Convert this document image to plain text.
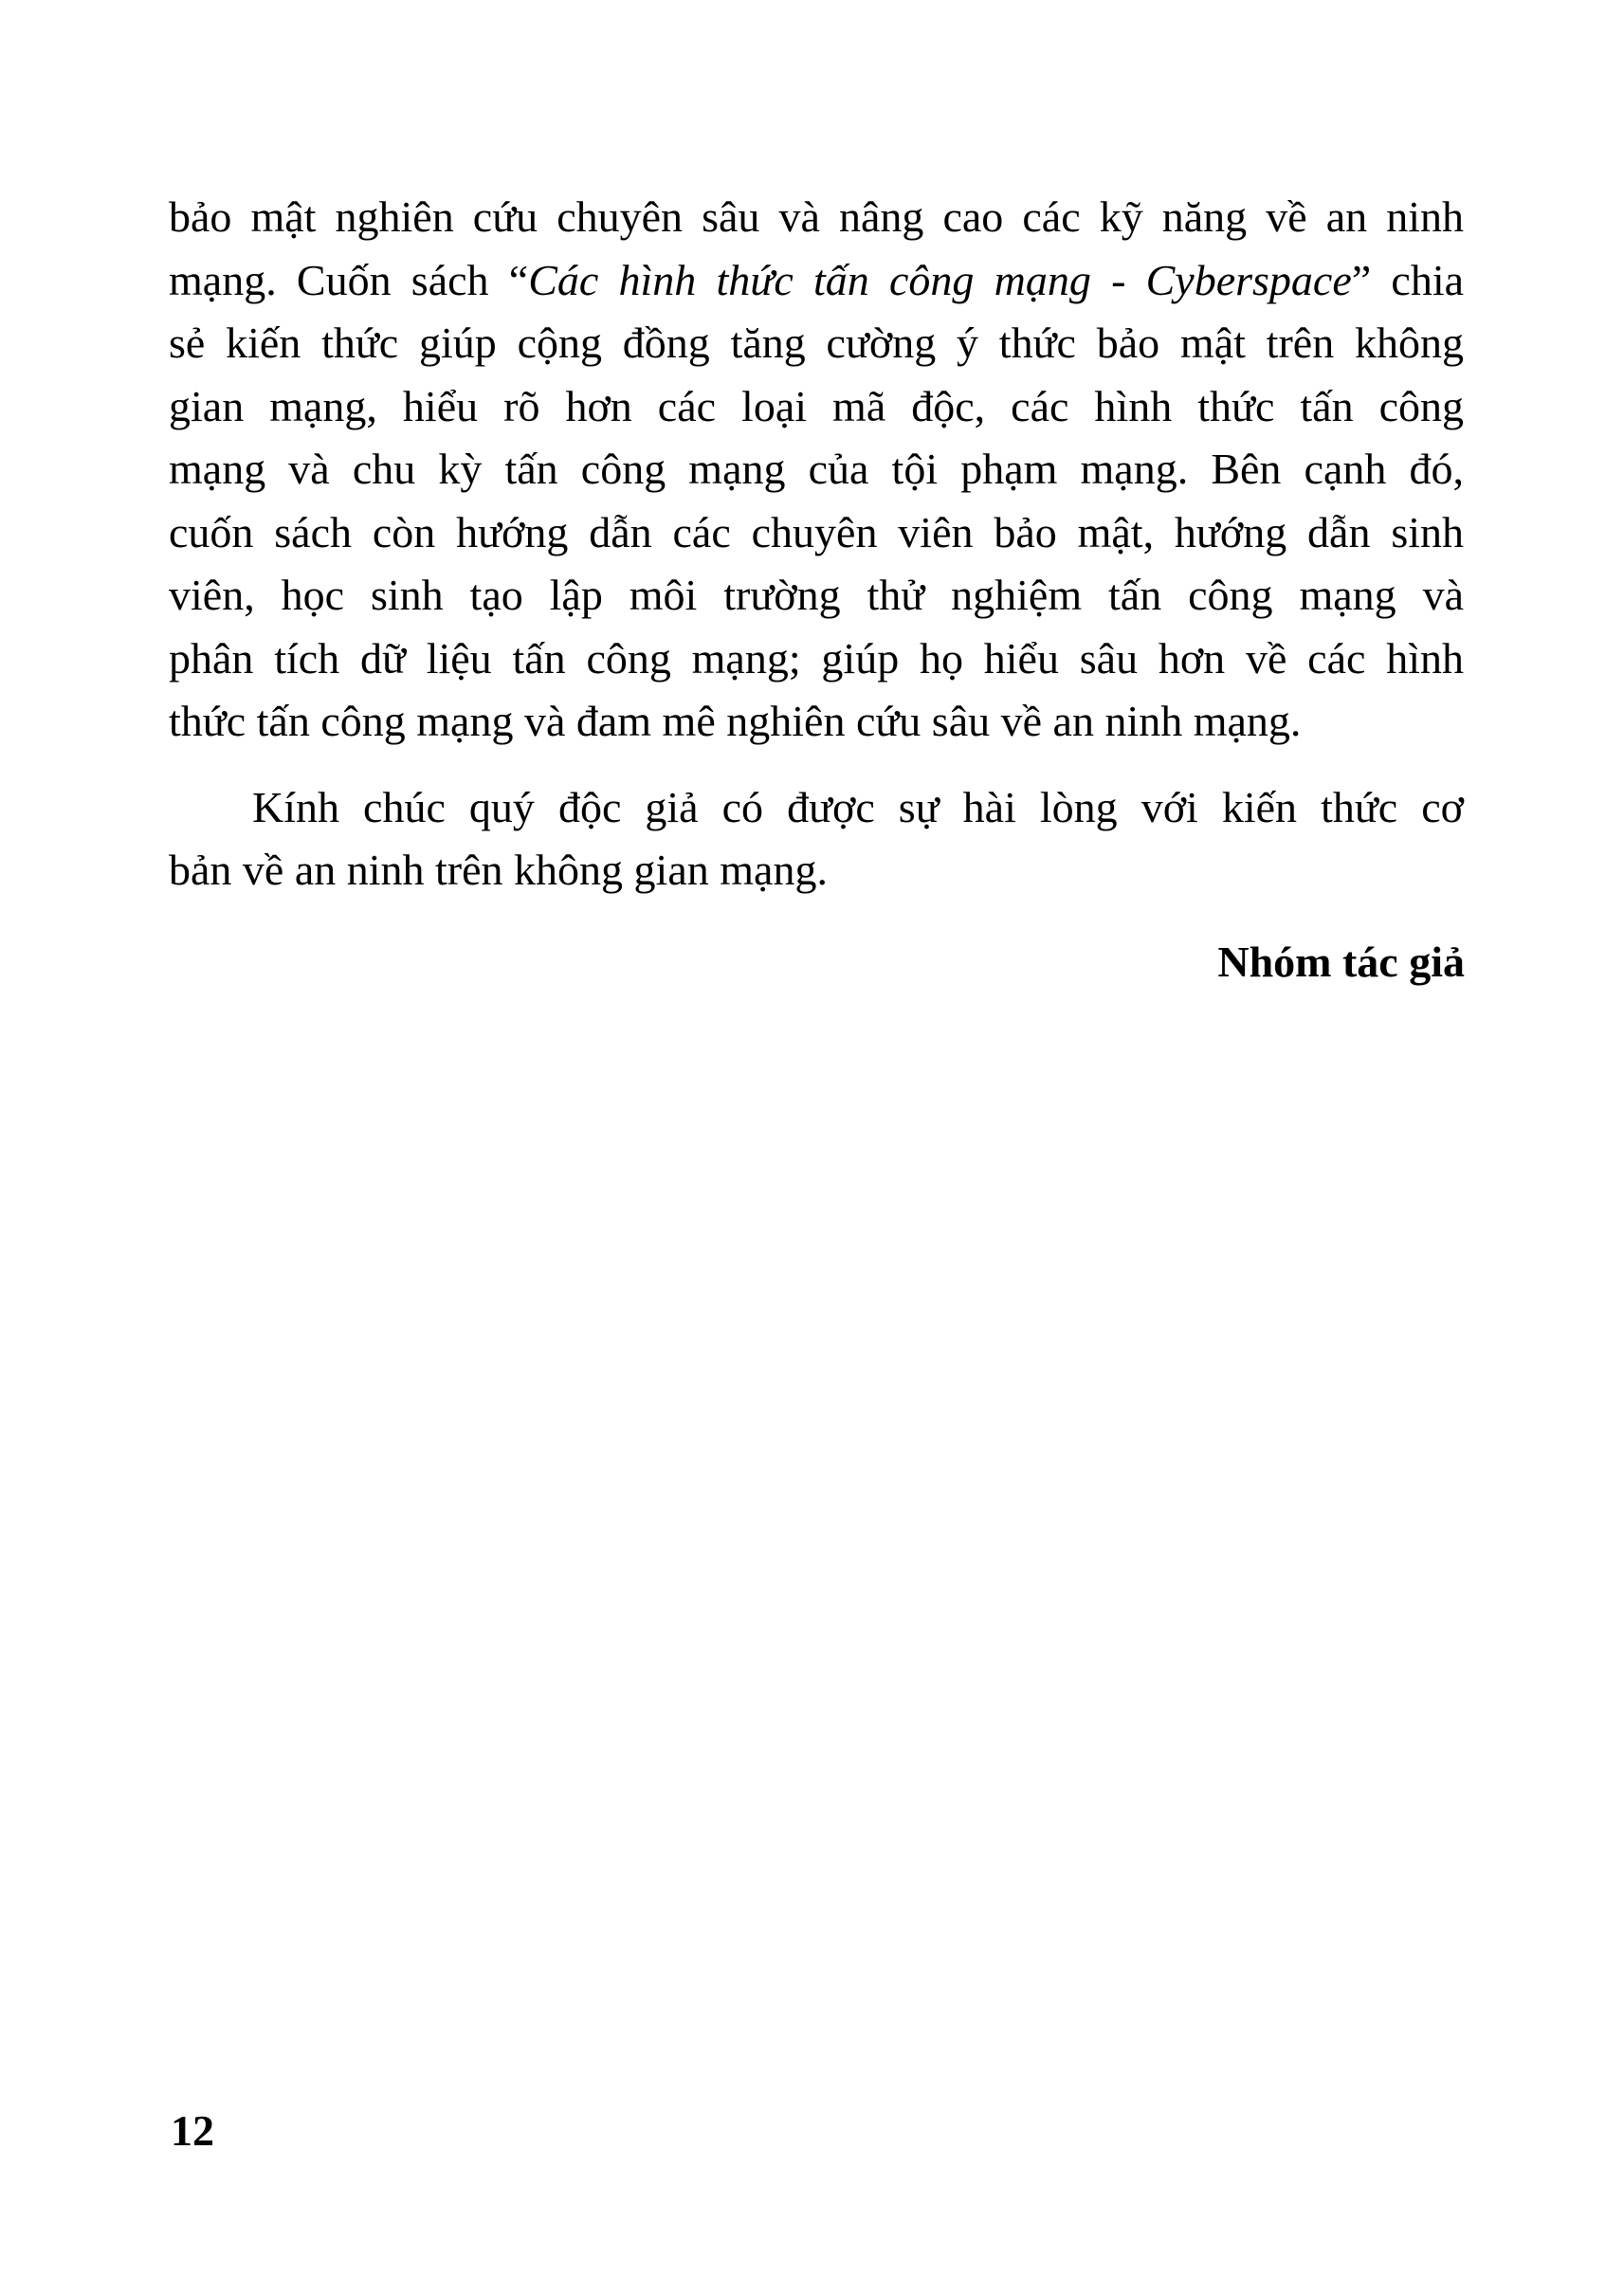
bảo mật nghiên cứu chuyên sâu và nâng cao các kỹ năng về an ninh
mạng. Cuốn sách “Các hình thức tấn công mạng - Cyberspace” chia
sẻ kiến thức giúp cộng đồng tăng cường ý thức bảo mật trên không
gian mạng, hiểu rõ hơn các loại mã độc, các hình thức tấn công
mạng và chu kỳ tấn công mạng của tội phạm mạng. Bên cạnh đó,
cuốn sách còn hướng dẫn các chuyên viên bảo mật, hướng dẫn sinh
viên, học sinh tạo lập môi trường thử nghiệm tấn công mạng và
phân tích dữ liệu tấn công mạng; giúp họ hiểu sâu hơn về các hình
thức tấn công mạng và đam mê nghiên cứu sâu về an ninh mạng.
Kính chúc quý độc giả có được sự hài lòng với kiến thức cơ
bản về an ninh trên không gian mạng.
Nhóm tác giả
12
